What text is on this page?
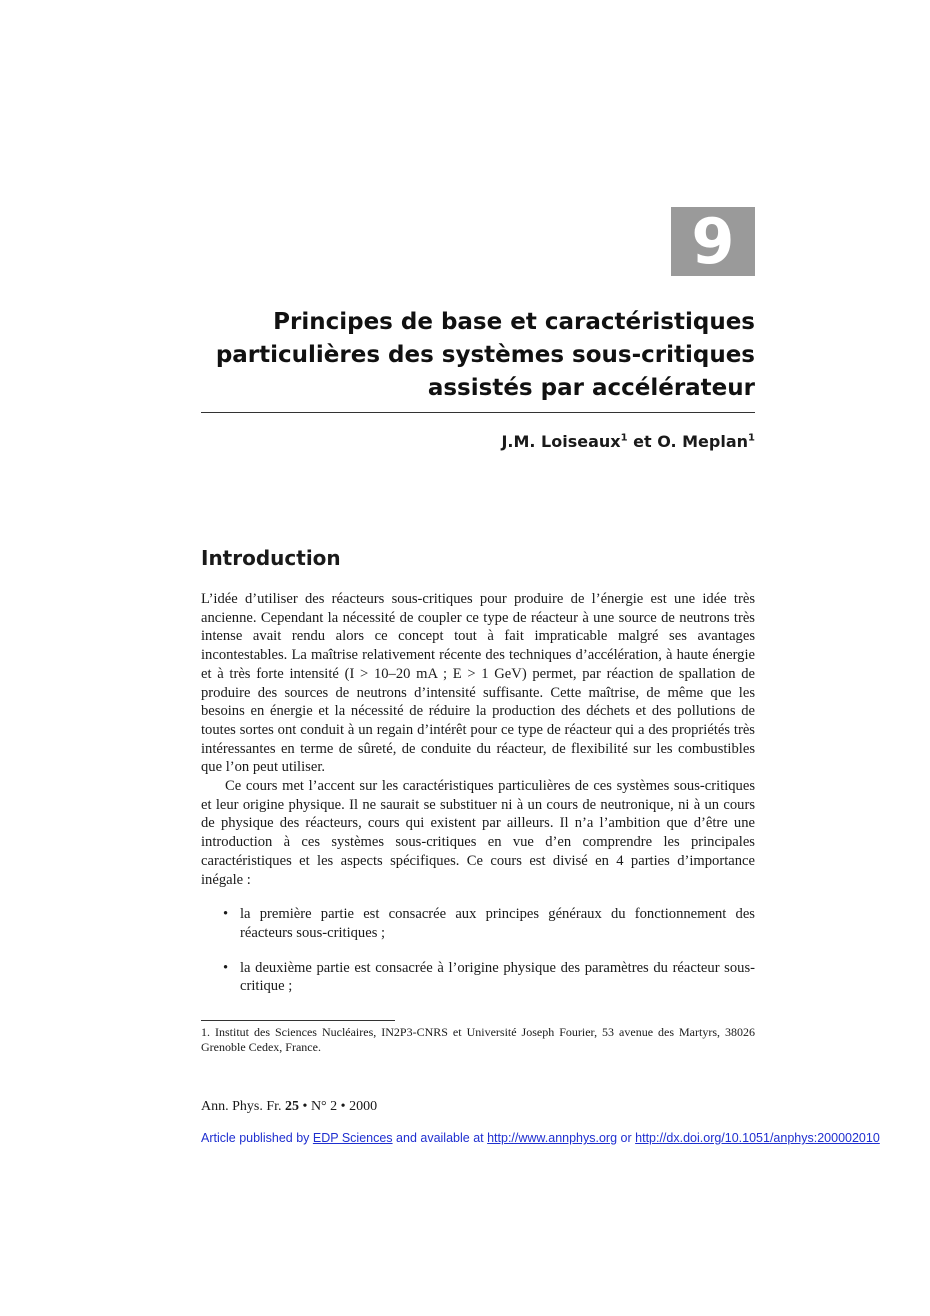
9
Principes de base et caractéristiques
particulières des systèmes sous-critiques
assistés par accélérateur
J.M. Loiseaux$^1$ et O. Meplan$^1$
Introduction

L’idée d’utiliser des réacteurs sous-critiques pour produire de l’énergie est une idée très ancienne. Cependant la nécessité de coupler ce type de réacteur à une source de neutrons très intense avait rendu alors ce concept tout à fait impraticable malgré ses avantages incontestables. La maîtrise relativement récente des techniques d’accélération, à haute énergie et à très forte intensité (I > 10–20 mA ; E > 1 GeV) permet, par réaction de spallation de produire des sources de neutrons d’intensité suffisante. Cette maîtrise, de même que les besoins en énergie et la nécessité de réduire la production des déchets et des pollutions de toutes sortes ont conduit à un regain d’intérêt pour ce type de réacteur qui a des propriétés très intéressantes en terme de sûreté, de conduite du réacteur, de flexibilité sur les combustibles que l’on peut utiliser.

Ce cours met l’accent sur les caractéristiques particulières de ces systèmes sous-critiques et leur origine physique. Il ne saurait se substituer ni à un cours de neutronique, ni à un cours de physique des réacteurs, cours qui existent par ailleurs. Il n’a l’ambition que d’être une introduction à ces systèmes sous-critiques en vue d’en comprendre les principales caractéristiques et les aspects spécifiques. Ce cours est divisé en 4 parties d’importance inégale :

• la première partie est consacrée aux principes généraux du fonctionnement des réacteurs sous-critiques ;
• la deuxième partie est consacrée à l’origine physique des paramètres du réacteur sous-critique ;
1. Institut des Sciences Nucléaires, IN2P3-CNRS et Université Joseph Fourier, 53 avenue des Martyrs, 38026 Grenoble Cedex, France.
Ann. Phys. Fr. 25 • N° 2 • 2000
Article published by EDP Sciences and available at http://www.annphys.org or http://dx.doi.org/10.1051/anphys:200002010
